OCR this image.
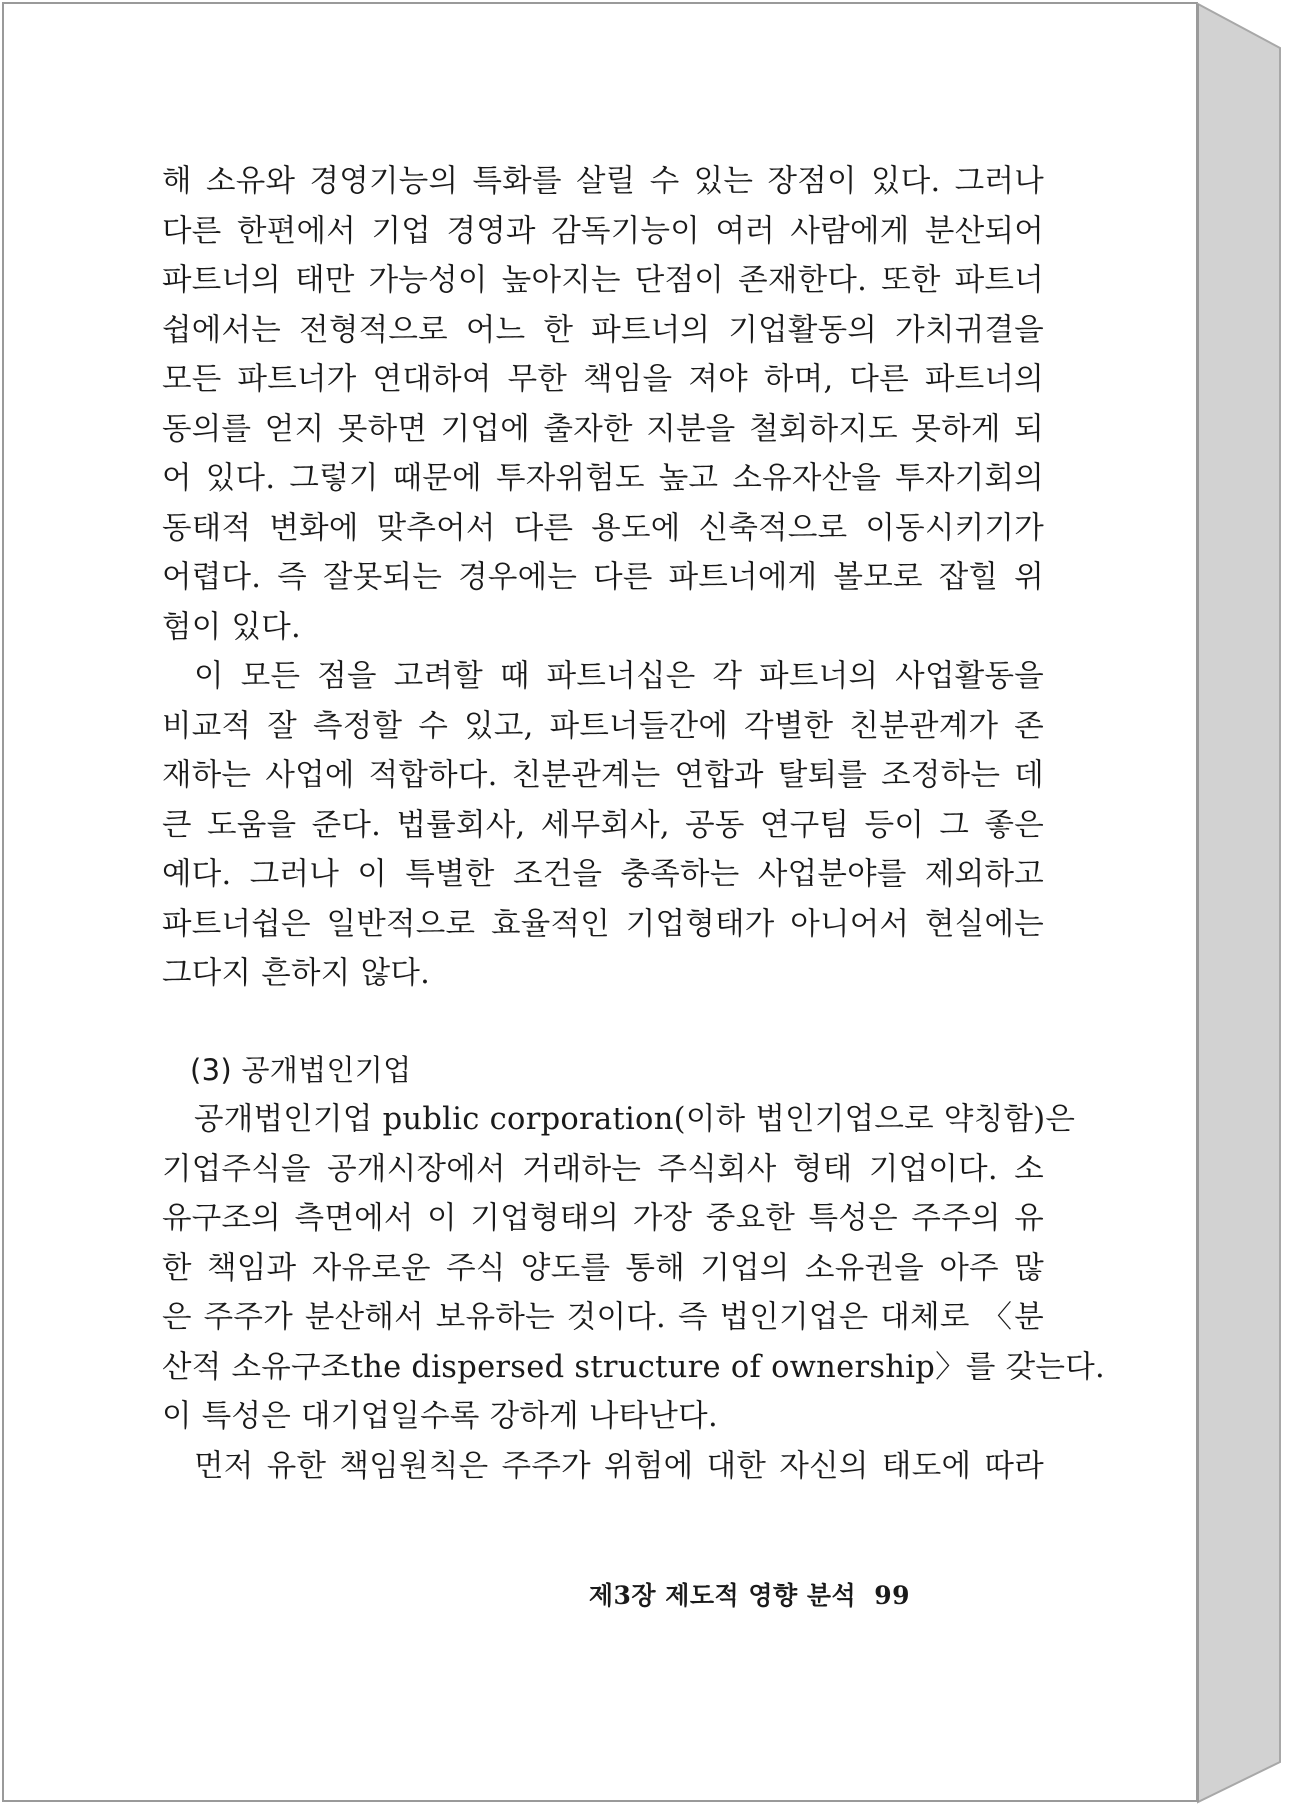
해 소유와 경영기능의 특화를 살릴 수 있는 장점이 있다. 그러나
다른 한편에서 기업 경영과 감독기능이 여러 사람에게 분산되어
파트너의 태만 가능성이 높아지는 단점이 존재한다. 또한 파트너
쉽에서는 전형적으로 어느 한 파트너의 기업활동의 가치귀결을
모든 파트너가 연대하여 무한 책임을 져야 하며, 다른 파트너의
동의를 얻지 못하면 기업에 출자한 지분을 철회하지도 못하게 되
어 있다. 그렇기 때문에 투자위험도 높고 소유자산을 투자기회의
동태적 변화에 맞추어서 다른 용도에 신축적으로 이동시키기가
어렵다. 즉 잘못되는 경우에는 다른 파트너에게 볼모로 잡힐 위
험이 있다.
이 모든 점을 고려할 때 파트너십은 각 파트너의 사업활동을
비교적 잘 측정할 수 있고, 파트너들간에 각별한 친분관계가 존
재하는 사업에 적합하다. 친분관계는 연합과 탈퇴를 조정하는 데
큰 도움을 준다. 법률회사, 세무회사, 공동 연구팀 등이 그 좋은
예다. 그러나 이 특별한 조건을 충족하는 사업분야를 제외하고
파트너쉽은 일반적으로 효율적인 기업형태가 아니어서 현실에는
그다지 흔하지 않다.
(3) 공개법인기업
공개법인기업 public corporation(이하 법인기업으로 약칭함)은
기업주식을 공개시장에서 거래하는 주식회사 형태 기업이다. 소
유구조의 측면에서 이 기업형태의 가장 중요한 특성은 주주의 유
한 책임과 자유로운 주식 양도를 통해 기업의 소유권을 아주 많
은 주주가 분산해서 보유하는 것이다. 즉 법인기업은 대체로 〈분
산적 소유구조the dispersed structure of ownership〉를 갖는다.
이 특성은 대기업일수록 강하게 나타난다.
먼저 유한 책임원칙은 주주가 위험에 대한 자신의 태도에 따라
제3장 제도적 영향 분석 99
